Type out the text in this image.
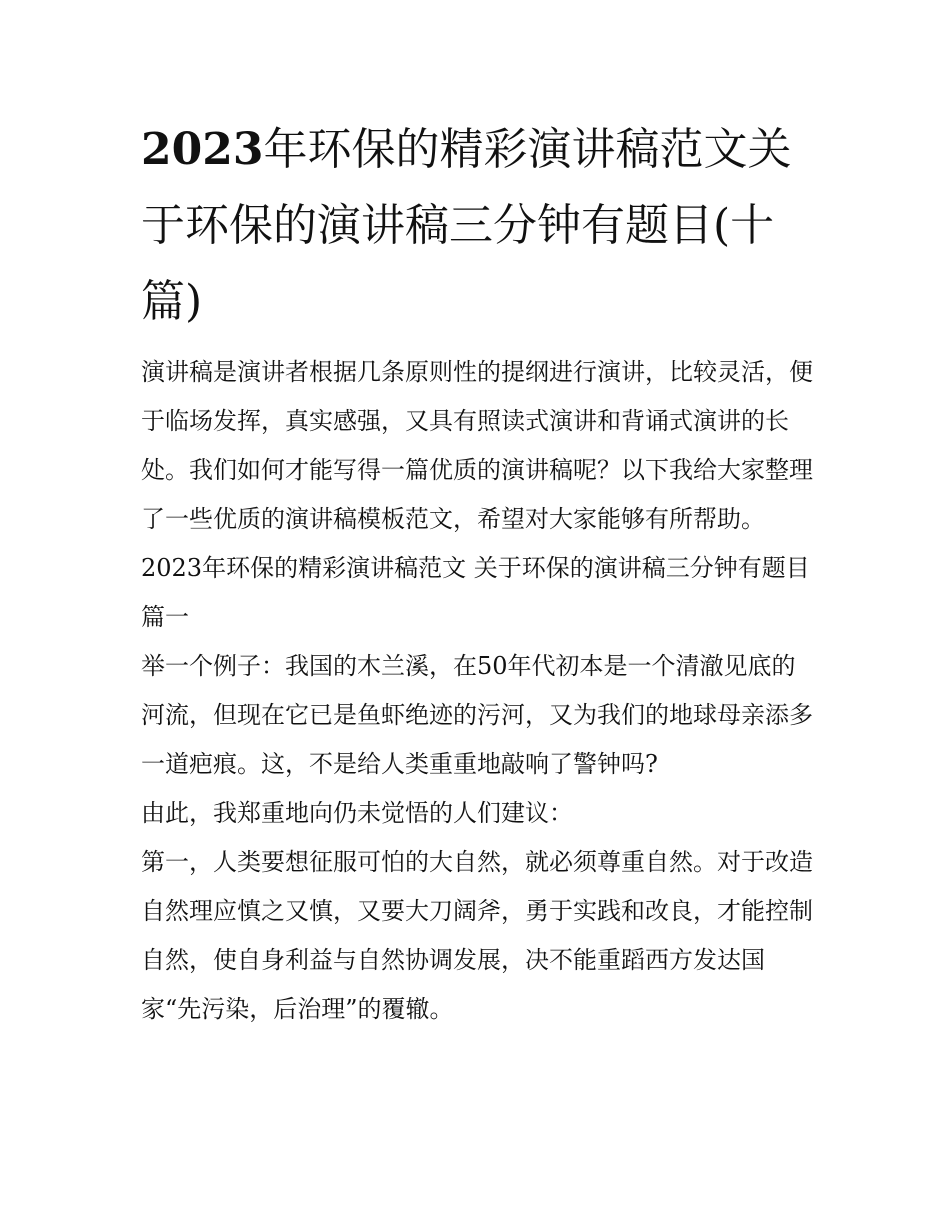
2023年环保的精彩演讲稿范文关于环保的演讲稿三分钟有题目(十篇)

演讲稿是演讲者根据几条原则性的提纲进行演讲，比较灵活，便于临场发挥，真实感强，又具有照读式演讲和背诵式演讲的长处。我们如何才能写得一篇优质的演讲稿呢？以下我给大家整理了一些优质的演讲稿模板范文，希望对大家能够有所帮助。

2023年环保的精彩演讲稿范文 关于环保的演讲稿三分钟有题目篇一

举一个例子：我国的木兰溪，在50年代初本是一个清澈见底的河流，但现在它已是鱼虾绝迹的污河，又为我们的地球母亲添多一道疤痕。这，不是给人类重重地敲响了警钟吗?

由此，我郑重地向仍未觉悟的人们建议：

第一，人类要想征服可怕的大自然，就必须尊重自然。对于改造自然理应慎之又慎，又要大刀阔斧，勇于实践和改良，才能控制自然，使自身利益与自然协调发展，决不能重蹈西方发达国家“先污染，后治理”的覆辙。
